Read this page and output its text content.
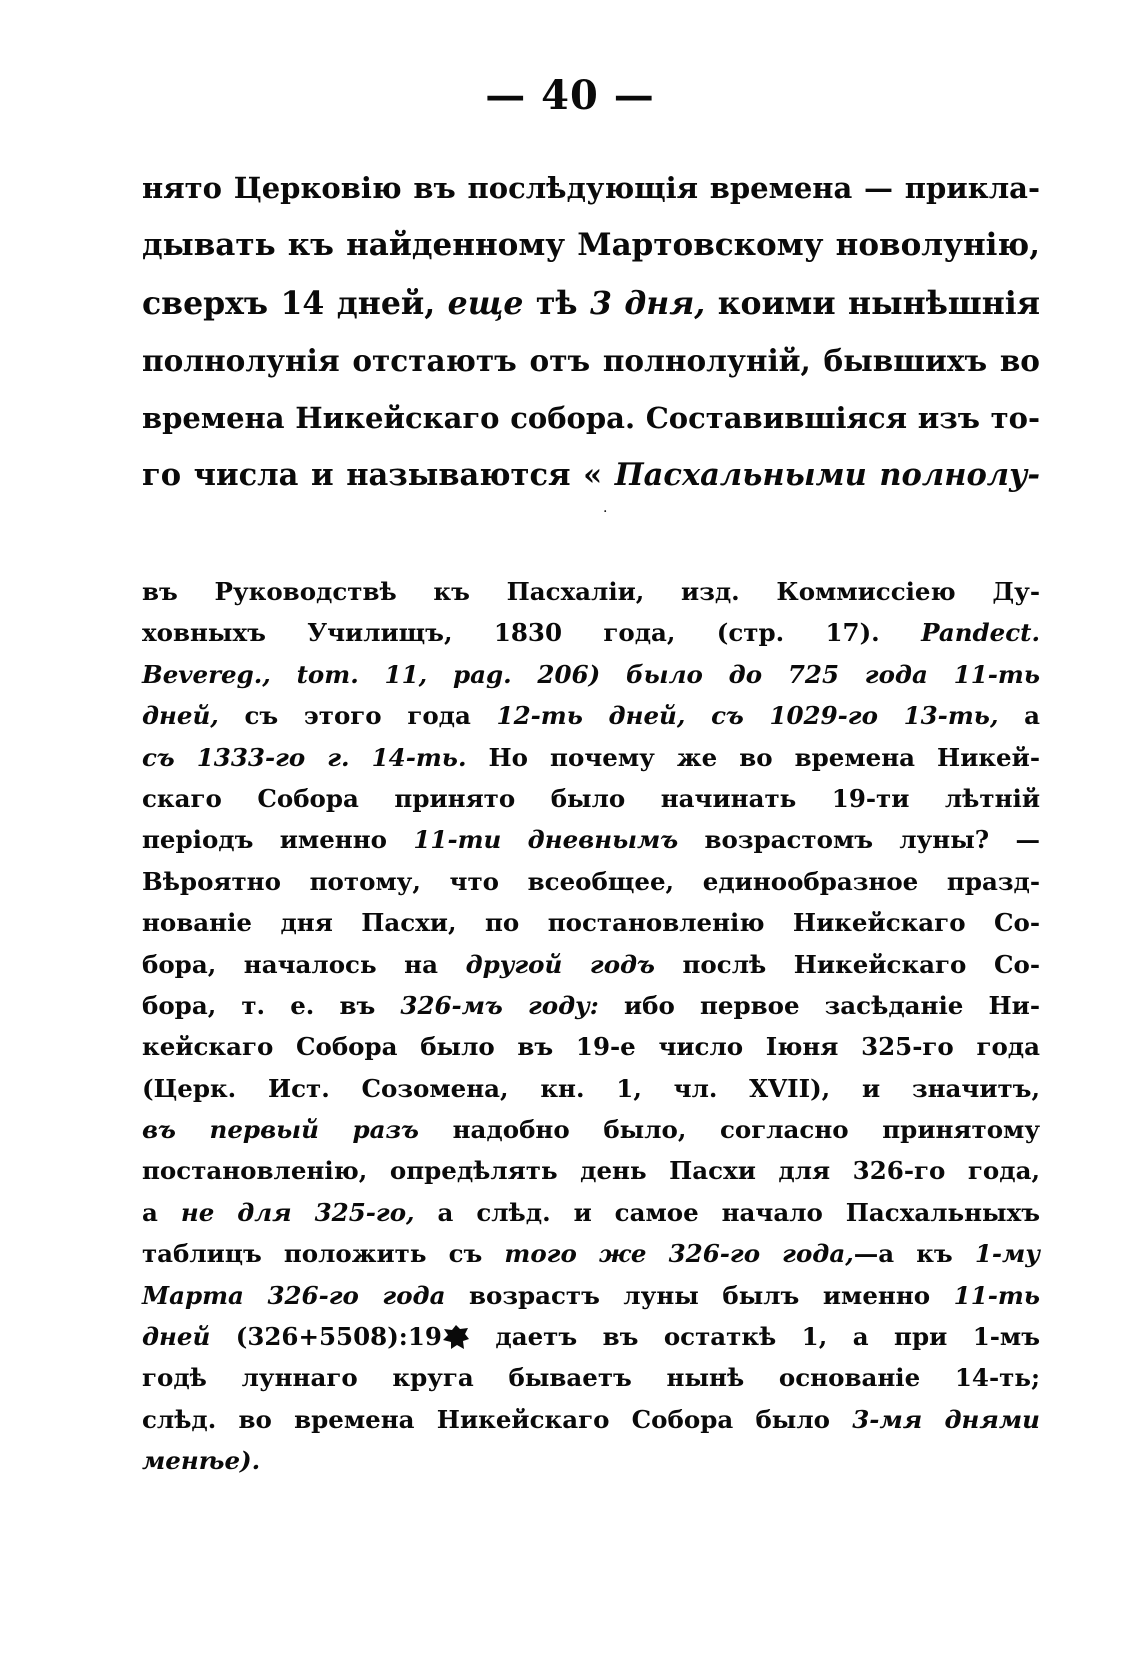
— 40 —
нято Церковію въ послѣдующія времена — прикла-
дывать къ найденному Мартовскому новолунію,
сверхъ 14 дней, еще тѣ 3 дня, коими нынѣшнія
полнолунія отстаютъ отъ полнолуній, бывшихъ во
времена Никейскаго собора. Составившіяся изъ то-
го числа и называются « Пасхальными полнолу-
·
въ Руководствѣ къ Пасхаліи, изд. Коммиссіею Ду-
ховныхъ Училищъ, 1830 года, (стр. 17). Pandect.
Bevereg., tom. 11, pag. 206) было до 725 года 11-ть
дней, съ этого года 12-ть дней, съ 1029-го 13-ть, а
съ 1333-го г. 14-ть. Но почему же во времена Никей-
скаго Собора принято было начинать 19-ти лѣтній
періодъ именно 11-ти дневнымъ возрастомъ луны? —
Вѣроятно потому, что всеобщее, единообразное празд-
нованіе дня Пасхи, по постановленію Никейскаго Со-
бора, началось на другой годъ послѣ Никейскаго Со-
бора, т. е. въ 326-мъ году: ибо первое засѣданіе Ни-
кейскаго Собора было въ 19-е число Іюня 325-го года
(Церк. Ист. Созомена, кн. 1, чл. XVII), и значитъ,
въ первый разъ надобно было, согласно принятому
постановленію, опредѣлять день Пасхи для 326-го года,
а не для 325-го, а слѣд. и самое начало Пасхальныхъ
таблицъ положить съ того же 326-го года,—а къ 1-му
Марта 326-го года возрастъ луны былъ именно 11-ть
дней (326+5508):19 даетъ въ остаткѣ 1, а при 1-мъ
годѣ луннаго круга бываетъ нынѣ основаніе 14-ть;
слѣд. во времена Никейскаго Собора было 3-мя днями
менѣе).
